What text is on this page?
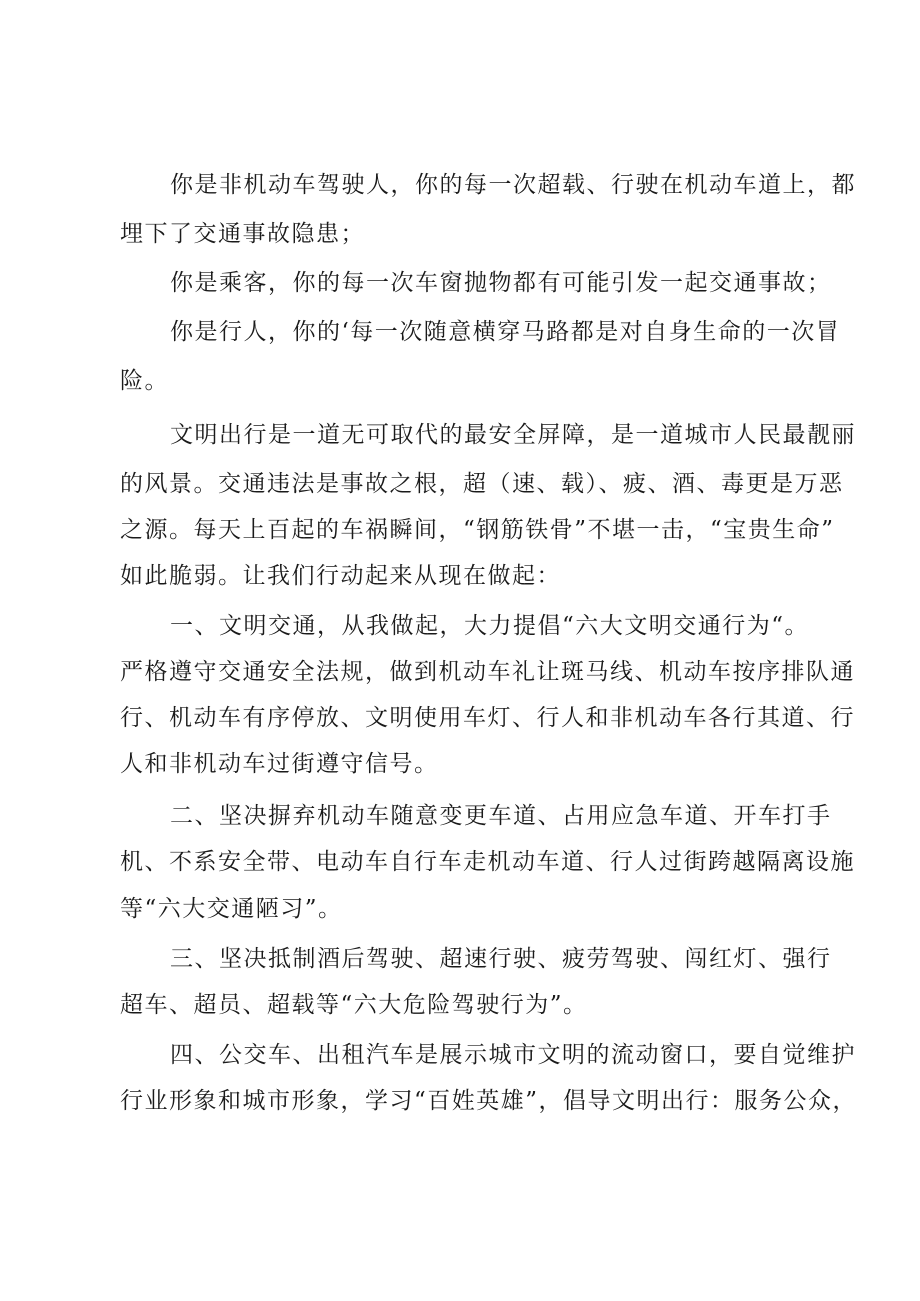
你是非机动车驾驶人，你的每一次超载、行驶在机动车道上，都
埋下了交通事故隐患；
你是乘客，你的每一次车窗抛物都有可能引发一起交通事故；
你是行人，你的‘每一次随意横穿马路都是对自身生命的一次冒
险。
文明出行是一道无可取代的最安全屏障，是一道城市人民最靓丽
的风景。交通违法是事故之根，超（速、载）、疲、酒、毒更是万恶
之源。每天上百起的车祸瞬间，“钢筋铁骨”不堪一击，“宝贵生命”
如此脆弱。让我们行动起来从现在做起：
一、文明交通，从我做起，大力提倡“六大文明交通行为“。
严格遵守交通安全法规，做到机动车礼让斑马线、机动车按序排队通
行、机动车有序停放、文明使用车灯、行人和非机动车各行其道、行
人和非机动车过街遵守信号。
二、坚决摒弃机动车随意变更车道、占用应急车道、开车打手
机、不系安全带、电动车自行车走机动车道、行人过街跨越隔离设施
等“六大交通陋习”。
三、坚决抵制酒后驾驶、超速行驶、疲劳驾驶、闯红灯、强行
超车、超员、超载等“六大危险驾驶行为”。
四、公交车、出租汽车是展示城市文明的流动窗口，要自觉维护
行业形象和城市形象，学习“百姓英雄”，倡导文明出行：服务公众，
